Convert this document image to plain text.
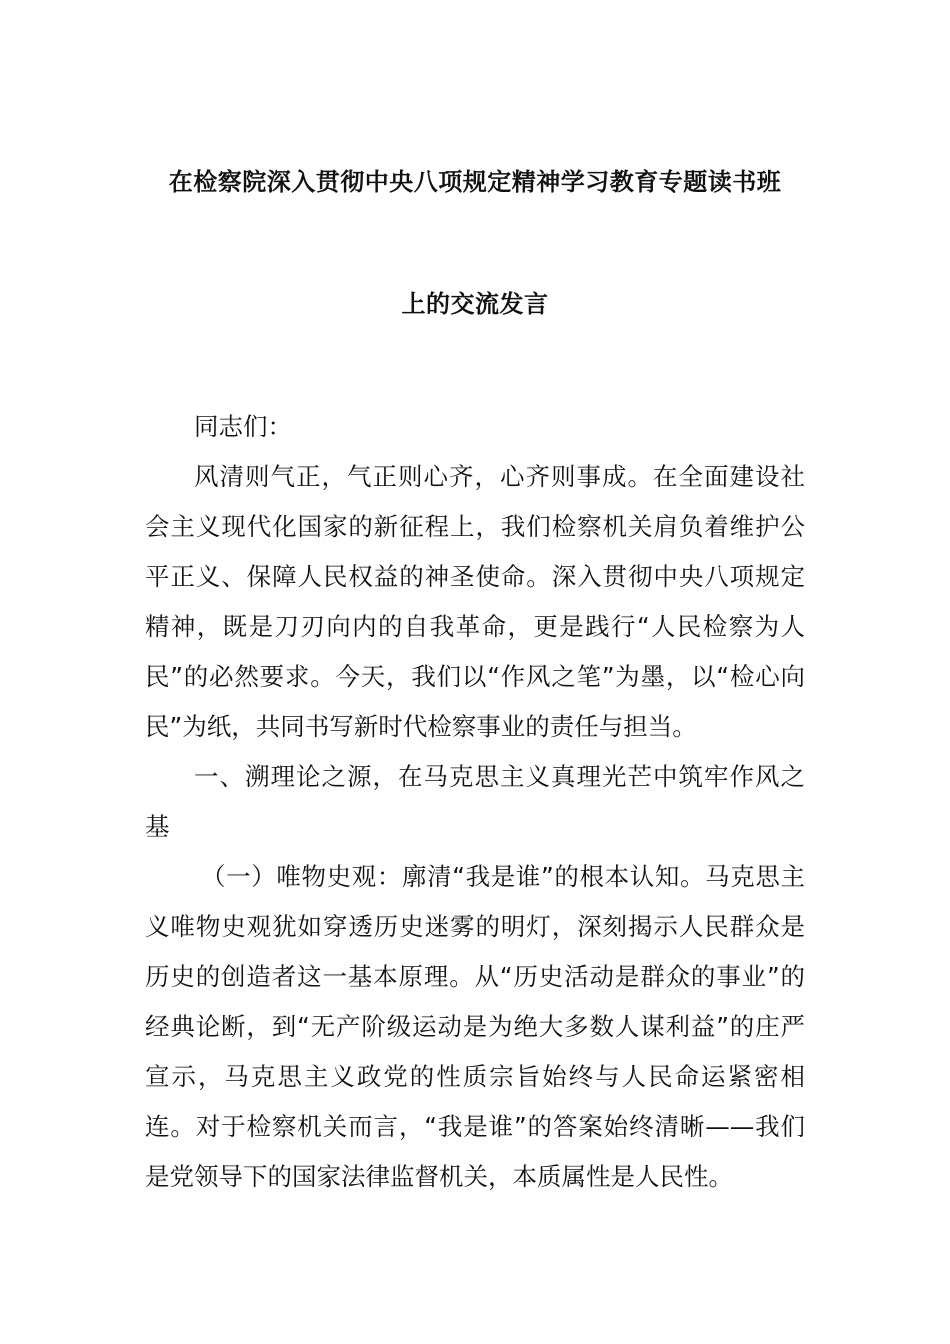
在检察院深入贯彻中央八项规定精神学习教育专题读书班
上的交流发言

同志们：

风清则气正，气正则心齐，心齐则事成。在全面建设社会主义现代化国家的新征程上，我们检察机关肩负着维护公平正义、保障人民权益的神圣使命。深入贯彻中央八项规定精神，既是刀刃向内的自我革命，更是践行“人民检察为人民”的必然要求。今天，我们以“作风之笔”为墨，以“检心向民”为纸，共同书写新时代检察事业的责任与担当。

一、溯理论之源，在马克思主义真理光芒中筑牢作风之基

（一）唯物史观：廓清“我是谁”的根本认知。马克思主义唯物史观犹如穿透历史迷雾的明灯，深刻揭示人民群众是历史的创造者这一基本原理。从“历史活动是群众的事业”的经典论断，到“无产阶级运动是为绝大多数人谋利益”的庄严宣示，马克思主义政党的性质宗旨始终与人民命运紧密相连。对于检察机关而言，“我是谁”的答案始终清晰——我们是党领导下的国家法律监督机关，本质属性是人民性。
